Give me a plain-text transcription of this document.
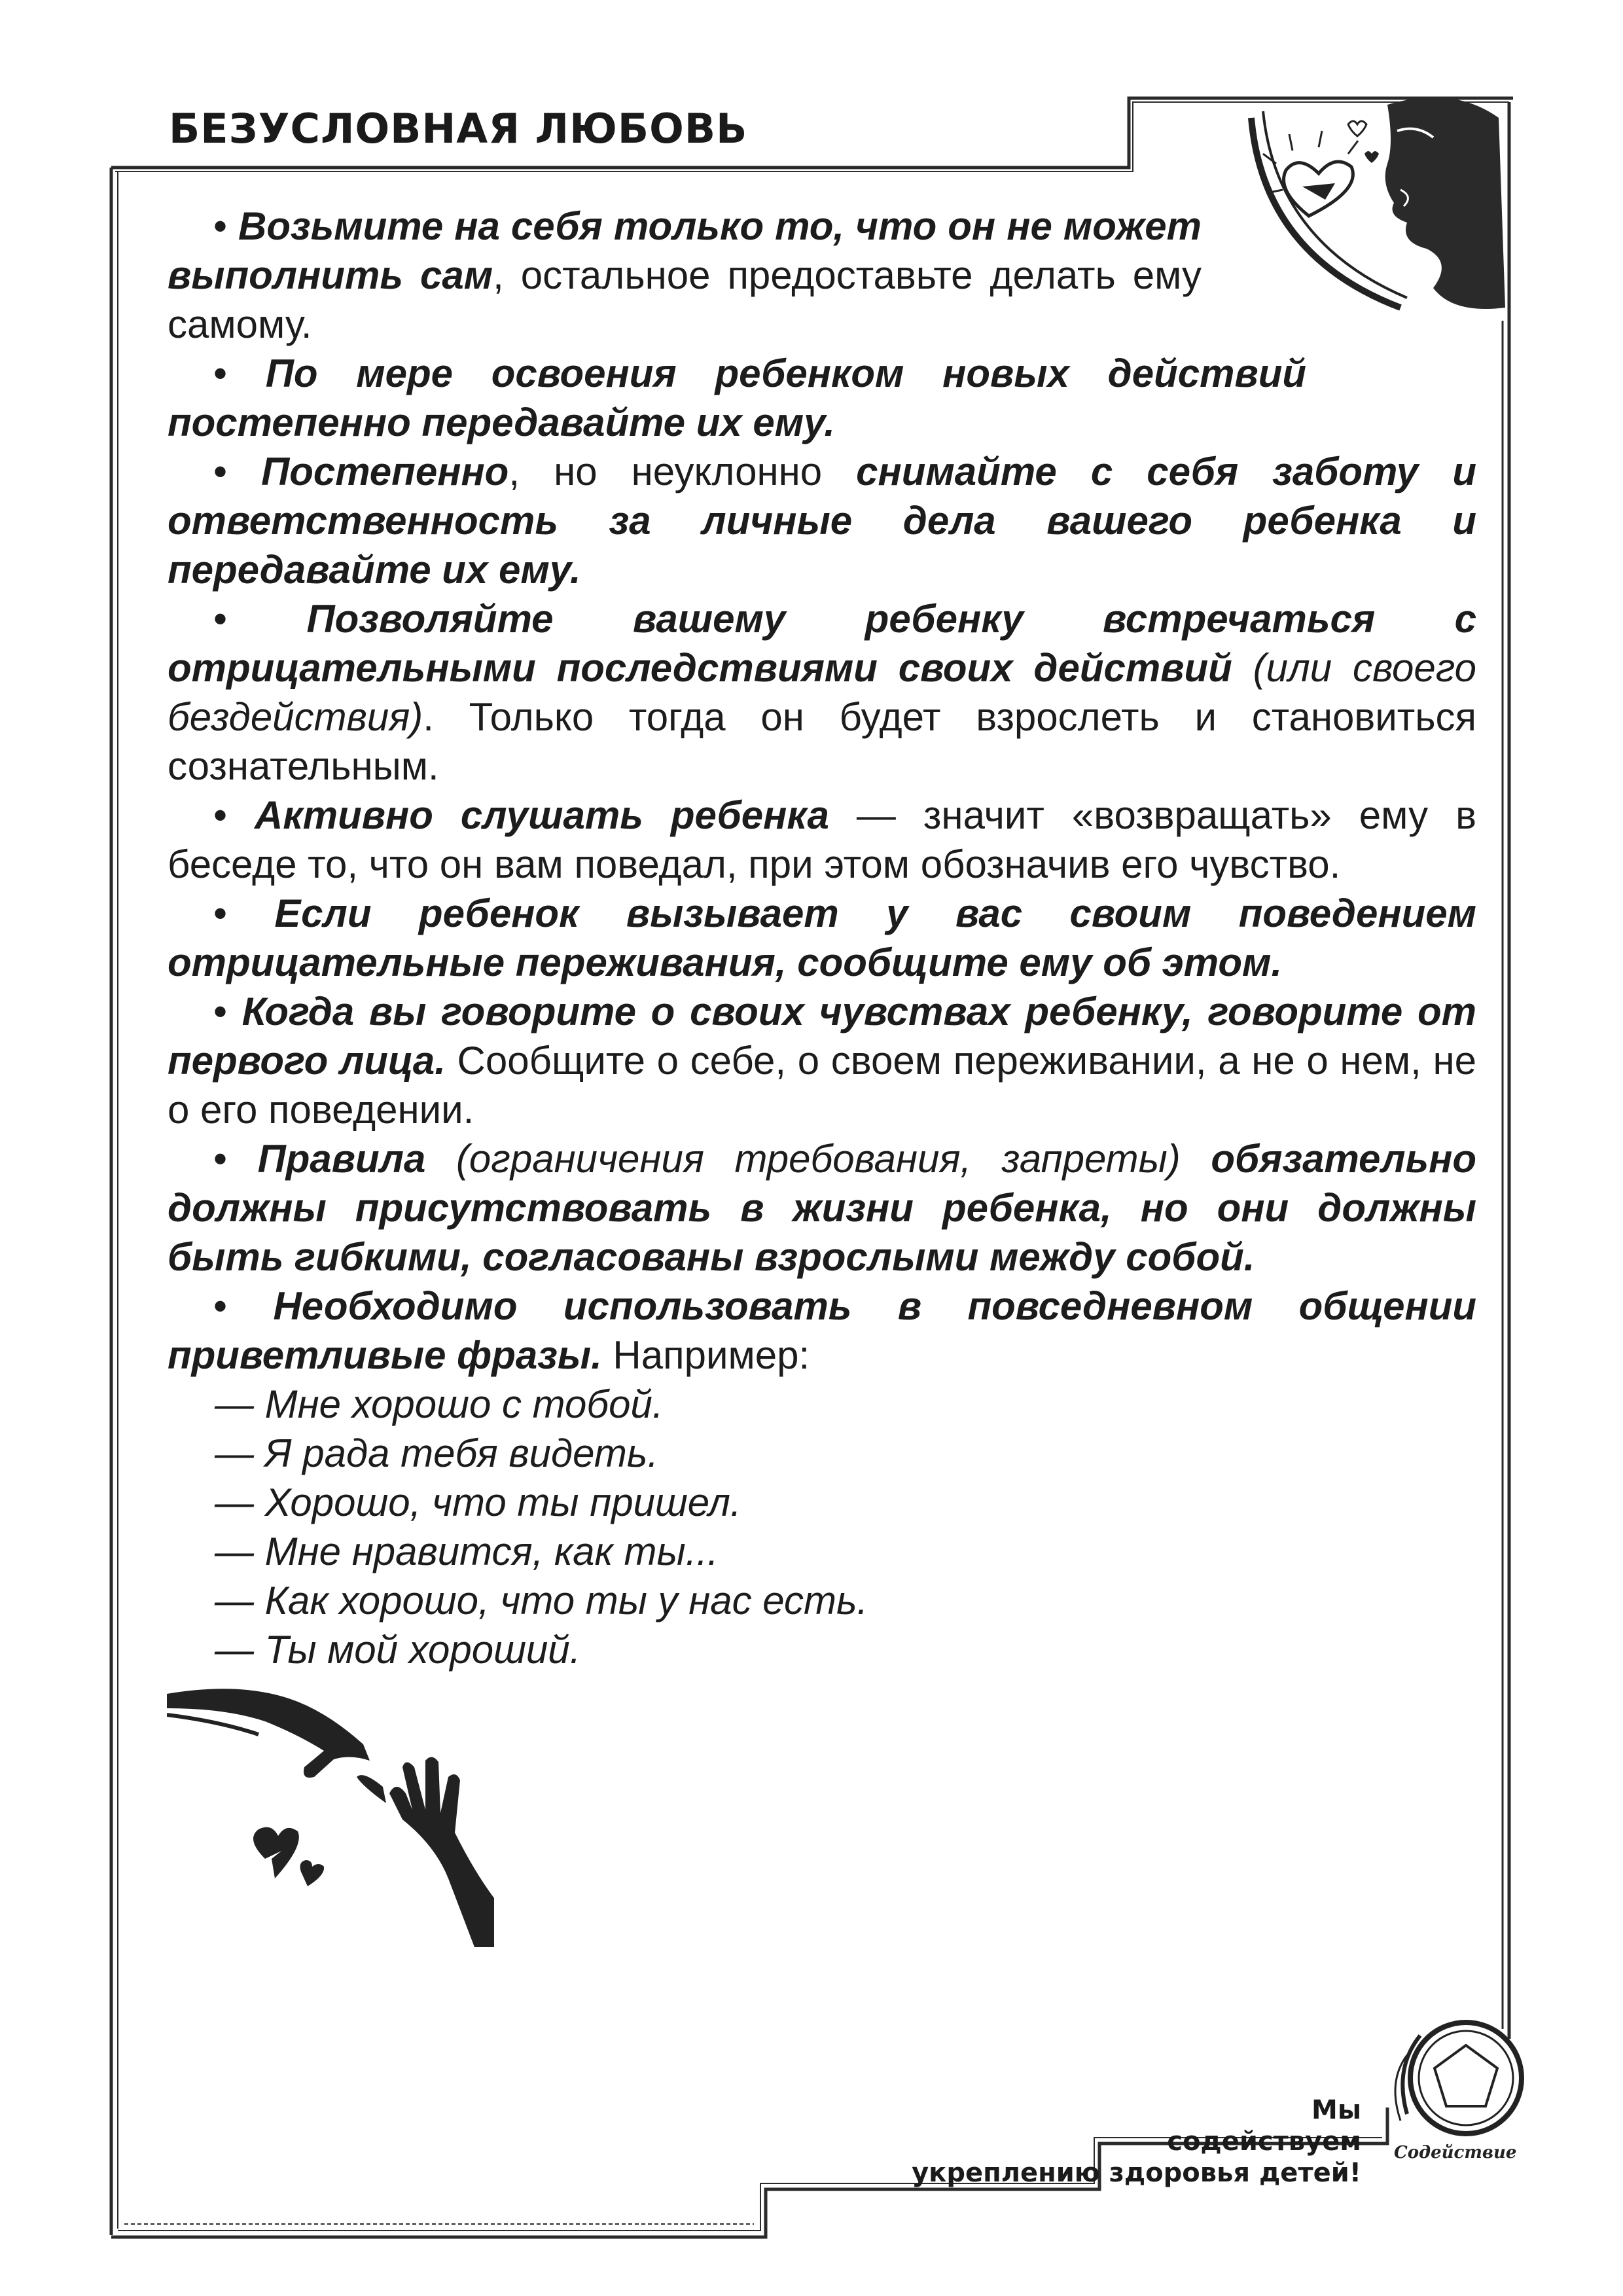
БЕЗУСЛОВНАЯ ЛЮБОВЬ

• Возьмите на себя только то, что он не может выполнить сам, остальное предоставьте делать ему самому.

• По мере освоения ребенком новых действий постепенно передавайте их ему.

• Постепенно, но неуклонно снимайте с себя заботу и ответственность за личные дела вашего ребенка и передавайте их ему.

• Позволяйте вашему ребенку встречаться с отрицательными последствиями своих действий (или своего бездействия). Только тогда он будет взрослеть и становиться сознательным.

• Активно слушать ребенка — значит «возвращать» ему в беседе то, что он вам поведал, при этом обозначив его чувство.

• Если ребенок вызывает у вас своим поведением отрицательные переживания, сообщите ему об этом.

• Когда вы говорите о своих чувствах ребенку, говорите от первого лица. Сообщите о себе, о своем переживании, а не о нем, не о его поведении.

• Правила (ограничения требования, запреты) обязательно должны присутствовать в жизни ребенка, но они должны быть гибкими, согласованы взрослыми между собой.

• Необходимо использовать в повседневном общении приветливые фразы. Например:

— Мне хорошо с тобой.
— Я рада тебя видеть.
— Хорошо, что ты пришел.
— Мне нравится, как ты...
— Как хорошо, что ты у нас есть.
— Ты мой хороший.
Мы
содействуем
укреплению здоровья детей!
Содействие
